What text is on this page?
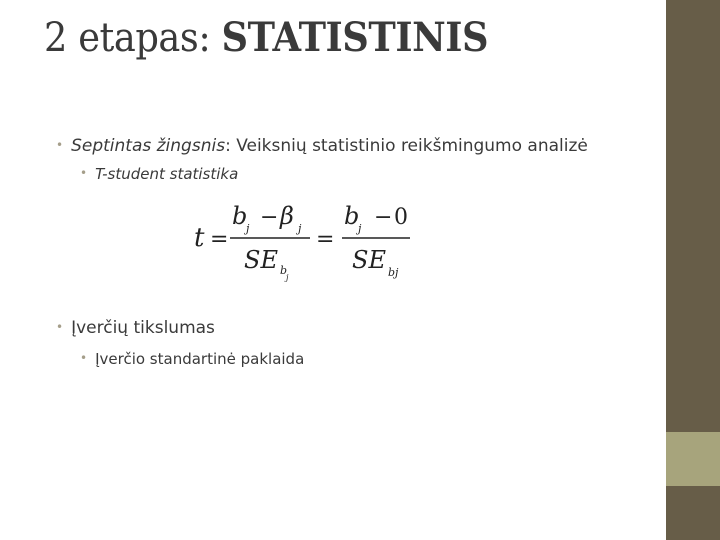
2 etapas: STATISTINIS

• Septintas žingsnis: Veiksnių statistinio reikšmingumo analizė

• T-student statistika

t =
b
j − β j
SE b
j
=
b
j − 0
SE bj

• Įverčių tikslumas

• Įverčio standartinė paklaida
